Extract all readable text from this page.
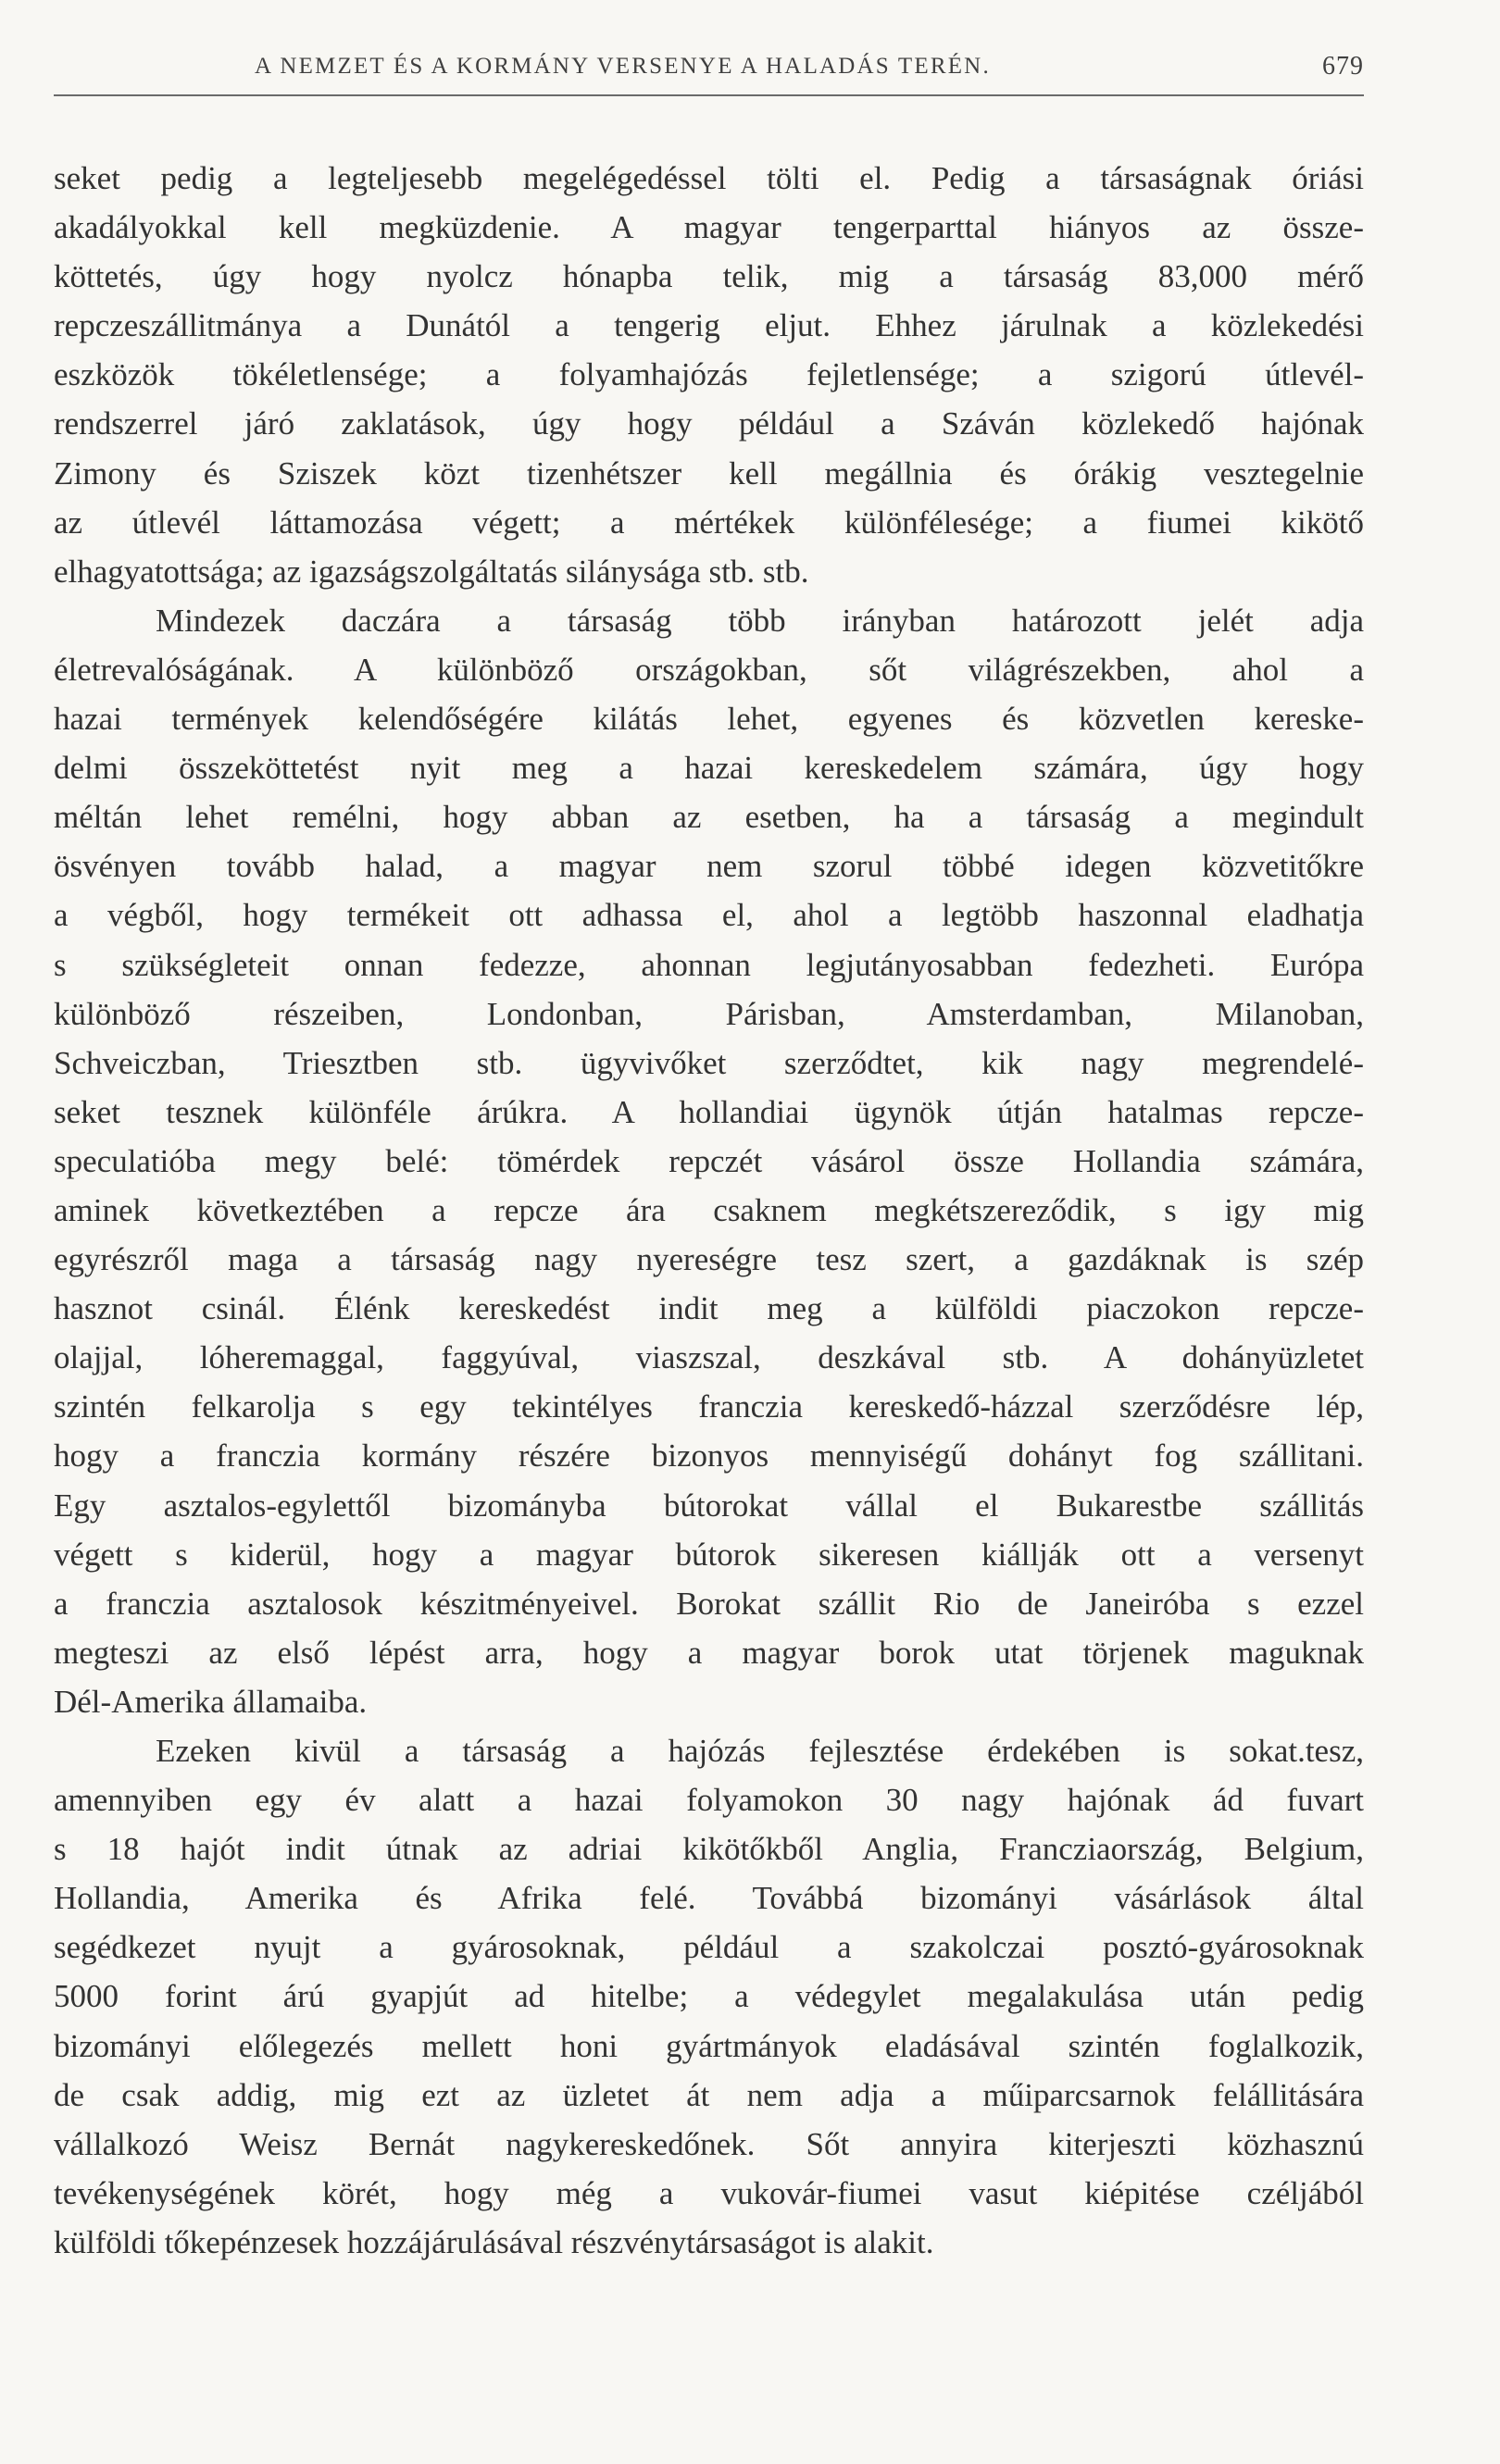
A NEMZET ÉS A KORMÁNY VERSENYE A HALADÁS TERÉN.	679
seket pedig a legteljesebb megelégedéssel tölti el. Pedig a társaságnak óriási
akadályokkal kell megküzdenie. A magyar tengerparttal hiányos az össze-
köttetés, úgy hogy nyolcz hónapba telik, mig a társaság 83,000 mérő
repczeszállitmánya a Dunától a tengerig eljut. Ehhez járulnak a közlekedési
eszközök tökéletlensége; a folyamhajózás fejletlensége; a szigorú útlevél-
rendszerrel járó zaklatások, úgy hogy például a Száván közlekedő hajónak
Zimony és Sziszek közt tizenhétszer kell megállnia és órákig vesztegelnie
az útlevél láttamozása végett; a mértékek különfélesége; a fiumei kikötő
elhagyatottsága; az igazságszolgáltatás silánysága stb. stb.
Mindezek daczára a társaság több irányban határozott jelét adja
életrevalóságának. A különböző országokban, sőt világrészekben, ahol a
hazai termények kelendőségére kilátás lehet, egyenes és közvetlen kereske-
delmi összeköttetést nyit meg a hazai kereskedelem számára, úgy hogy
méltán lehet remélni, hogy abban az esetben, ha a társaság a megindult
ösvényen tovább halad, a magyar nem szorul többé idegen közvetitőkre
a végből, hogy termékeit ott adhassa el, ahol a legtöbb haszonnal eladhatja
s szükségleteit onnan fedezze, ahonnan legjutányosabban fedezheti. Európa
különböző részeiben, Londonban, Párisban, Amsterdamban, Milanoban,
Schveiczban, Triesztben stb. ügyvivőket szerződtet, kik nagy megrendelé-
seket tesznek különféle árúkra. A hollandiai ügynök útján hatalmas repcze-
speculatióba megy belé: tömérdek repczét vásárol össze Hollandia számára,
aminek következtében a repcze ára csaknem megkétszereződik, s igy mig
egyrészről maga a társaság nagy nyereségre tesz szert, a gazdáknak is szép
hasznot csinál. Élénk kereskedést indit meg a külföldi piaczokon repcze-
olajjal, lóheremaggal, faggyúval, viaszszal, deszkával stb. A dohányüzletet
szintén felkarolja s egy tekintélyes franczia kereskedő-házzal szerződésre lép,
hogy a franczia kormány részére bizonyos mennyiségű dohányt fog szállitani.
Egy asztalos-egylettől bizományba bútorokat vállal el Bukarestbe szállitás
végett s kiderül, hogy a magyar bútorok sikeresen kiállják ott a versenyt
a franczia asztalosok készitményeivel. Borokat szállit Rio de Janeiróba s ezzel
megteszi az első lépést arra, hogy a magyar borok utat törjenek maguknak
Dél-Amerika államaiba.
Ezeken kivül a társaság a hajózás fejlesztése érdekében is sokat.tesz,
amennyiben egy év alatt a hazai folyamokon 30 nagy hajónak ád fuvart
s 18 hajót indit útnak az adriai kikötőkből Anglia, Francziaország, Belgium,
Hollandia, Amerika és Afrika felé. Továbbá bizományi vásárlások által
segédkezet nyujt a gyárosoknak, például a szakolczai posztó-gyárosoknak
5000 forint árú gyapjút ad hitelbe; a védegylet megalakulása után pedig
bizományi előlegezés mellett honi gyártmányok eladásával szintén foglalkozik,
de csak addig, mig ezt az üzletet át nem adja a műiparcsarnok felállitására
vállalkozó Weisz Bernát nagykereskedőnek. Sőt annyira kiterjeszti közhasznú
tevékenységének körét, hogy még a vukovár-fiumei vasut kiépitése czéljából
külföldi tőkepénzesek hozzájárulásával részvénytársaságot is alakit.
